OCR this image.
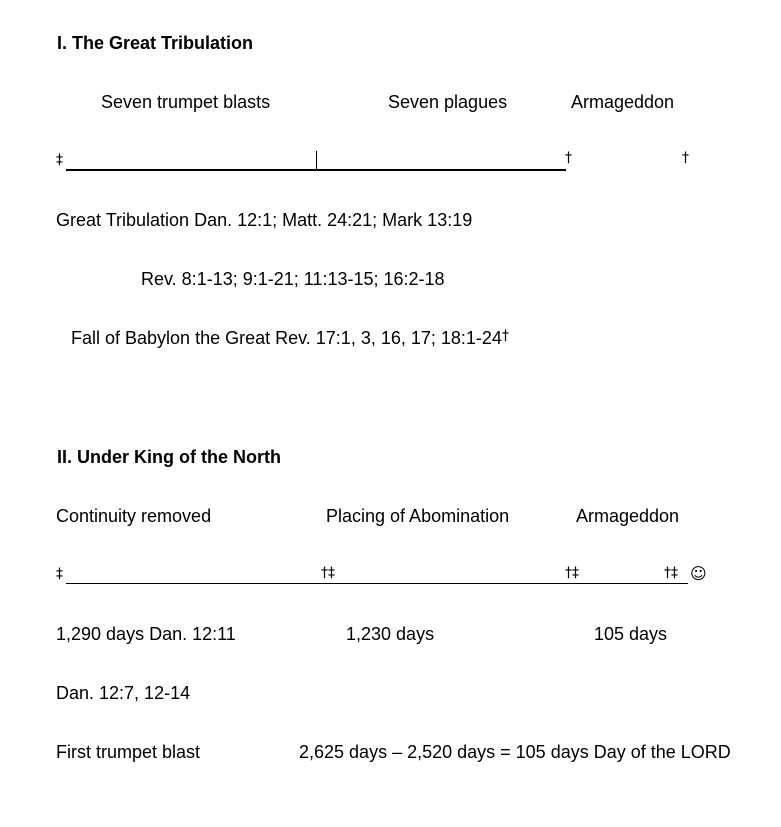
I. The Great Tribulation
Seven trumpet blasts	Seven plagues	Armageddon
‡	†	†
Great Tribulation Dan. 12:1; Matt. 24:21; Mark 13:19
Rev. 8:1-13; 9:1-21; 11:13-15; 16:2-18
Fall of Babylon the Great Rev. 17:1, 3, 16, 17; 18:1-24†
II. Under King of the North
Continuity removed	Placing of Abomination	Armageddon
‡	†‡	†‡	†‡ ☺
1,290 days Dan. 12:11	1,230 days	105 days
Dan. 12:7, 12-14
First trumpet blast	2,625 days – 2,520 days = 105 days Day of the LORD
